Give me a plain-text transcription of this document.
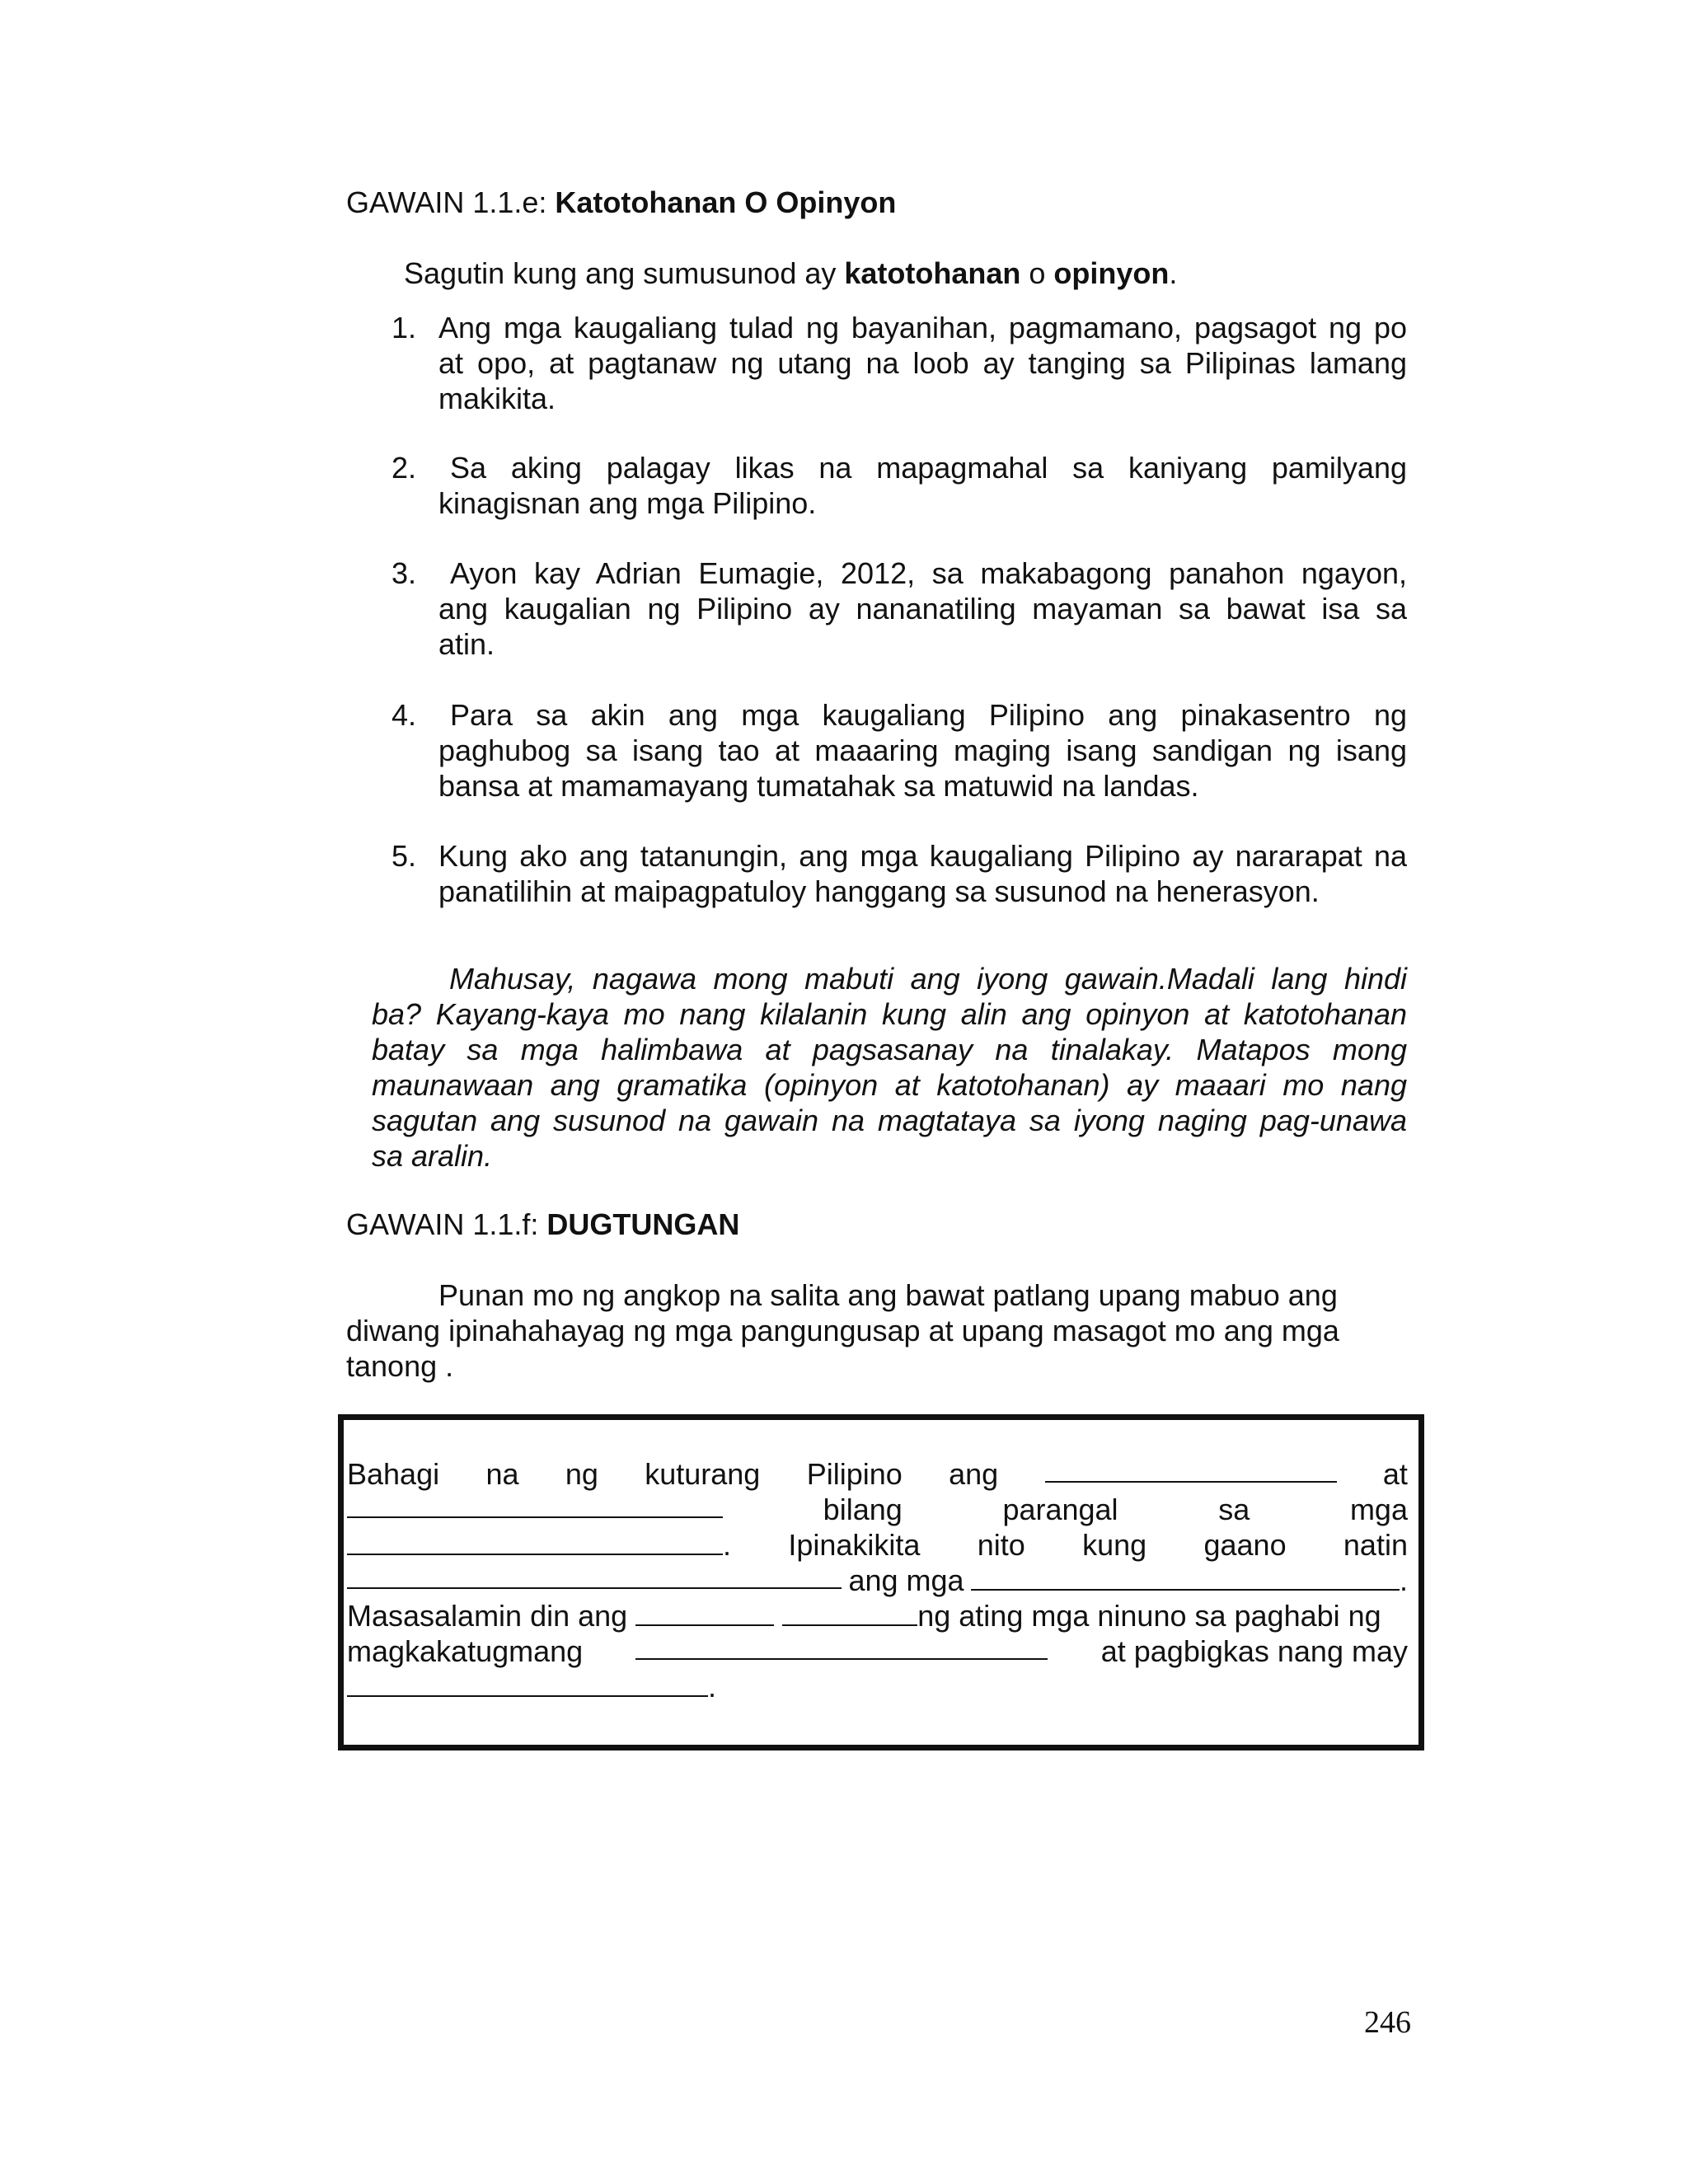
GAWAIN 1.1.e: Katotohanan O Opinyon

Sagutin kung ang sumusunod ay katotohanan o opinyon.

1. Ang mga kaugaliang tulad ng bayanihan, pagmamano, pagsagot ng po

at opo, at pagtanaw ng utang na loob ay tanging sa Pilipinas lamang

makikita.

2. Sa aking palagay likas na mapagmahal sa kaniyang pamilyang

kinagisnan ang mga Pilipino.

3. Ayon kay Adrian Eumagie, 2012, sa makabagong panahon ngayon,

ang kaugalian ng Pilipino ay nananatiling mayaman sa bawat isa sa

atin.

4. Para sa akin ang mga kaugaliang Pilipino ang pinakasentro ng

paghubog sa isang tao at maaaring maging isang sandigan ng isang

bansa at mamamayang tumatahak sa matuwid na landas.

5. Kung ako ang tatanungin, ang mga kaugaliang Pilipino ay nararapat na

panatilihin at maipagpatuloy hanggang sa susunod na henerasyon.

Mahusay, nagawa mong mabuti ang iyong gawain.Madali lang hindi

ba? Kayang-kaya mo nang kilalanin kung alin ang opinyon at katotohanan

batay sa mga halimbawa at pagsasanay na tinalakay. Matapos mong

maunawaan ang gramatika (opinyon at katotohanan) ay maaari mo nang

sagutan ang susunod na gawain na magtataya sa iyong naging pag-unawa

sa aralin.

GAWAIN 1.1.f: DUGTUNGAN

Punan mo ng angkop na salita ang bawat patlang upang mabuo ang

diwang ipinahahayag ng mga pangungusap at upang masagot mo ang mga

tanong .

Bahagi na ng kuturang Pilipino ang	at
bilang	parangal	sa	mga
. Ipinakikita nito kung gaano natin
ang mga	.
Masasalamin din ang	ng ating mga ninuno sa paghabi ng
magkakatugmang	at pagbigkas nang may
.
246
